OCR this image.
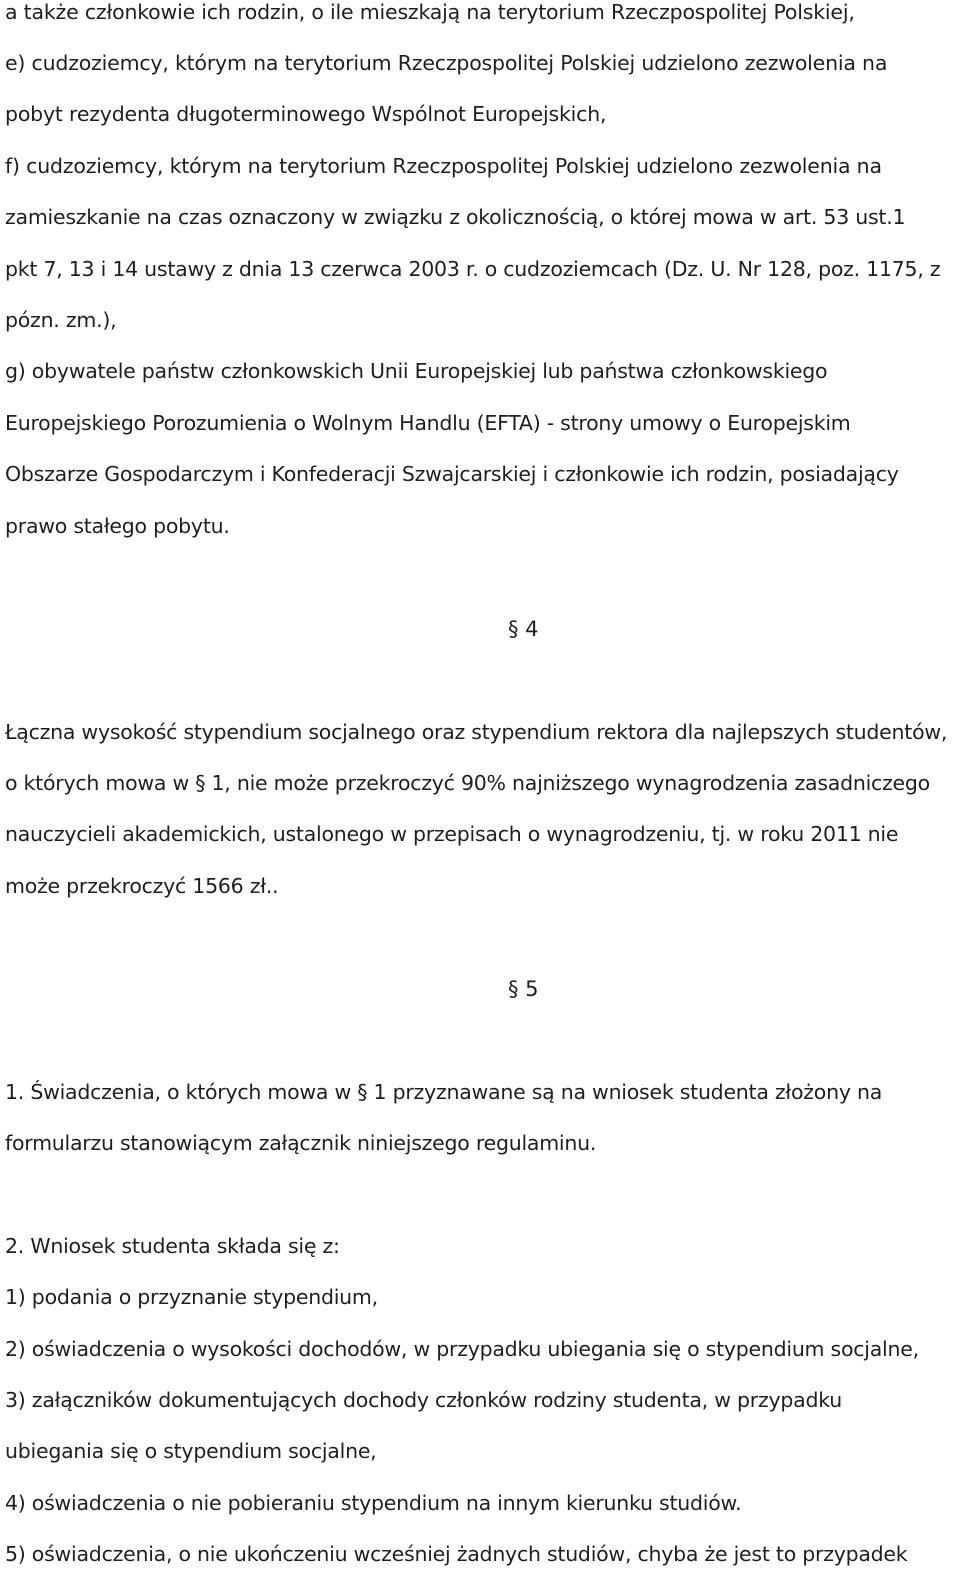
a także członkowie ich rodzin, o ile mieszkają na terytorium Rzeczpospolitej Polskiej,
e) cudzoziemcy, którym na terytorium Rzeczpospolitej Polskiej udzielono zezwolenia na
pobyt rezydenta długoterminowego Wspólnot Europejskich,
f) cudzoziemcy, którym na terytorium Rzeczpospolitej Polskiej udzielono zezwolenia na
zamieszkanie na czas oznaczony w związku z okolicznością, o której mowa w art. 53 ust.1
pkt 7, 13 i 14 ustawy z dnia 13 czerwca 2003 r. o cudzoziemcach (Dz. U. Nr 128, poz. 1175, z
pózn. zm.),
g) obywatele państw członkowskich Unii Europejskiej lub państwa członkowskiego
Europejskiego Porozumienia o Wolnym Handlu (EFTA) - strony umowy o Europejskim
Obszarze Gospodarczym i Konfederacji Szwajcarskiej i członkowie ich rodzin, posiadający
prawo stałego pobytu.
§ 4
Łączna wysokość stypendium socjalnego oraz stypendium rektora dla najlepszych studentów,
o których mowa w § 1, nie może przekroczyć 90% najniższego wynagrodzenia zasadniczego
nauczycieli akademickich, ustalonego w przepisach o wynagrodzeniu, tj. w roku 2011 nie
może przekroczyć 1566 zł..
§ 5
1. Świadczenia, o których mowa w § 1 przyznawane są na wniosek studenta złożony na
formularzu stanowiącym załącznik niniejszego regulaminu.
2. Wniosek studenta składa się z:
1) podania o przyznanie stypendium,
2) oświadczenia o wysokości dochodów, w przypadku ubiegania się o stypendium socjalne,
3) załączników dokumentujących dochody członków rodziny studenta, w przypadku
ubiegania się o stypendium socjalne,
4) oświadczenia o nie pobieraniu stypendium na innym kierunku studiów.
5) oświadczenia, o nie ukończeniu wcześniej żadnych studiów, chyba że jest to przypadek
